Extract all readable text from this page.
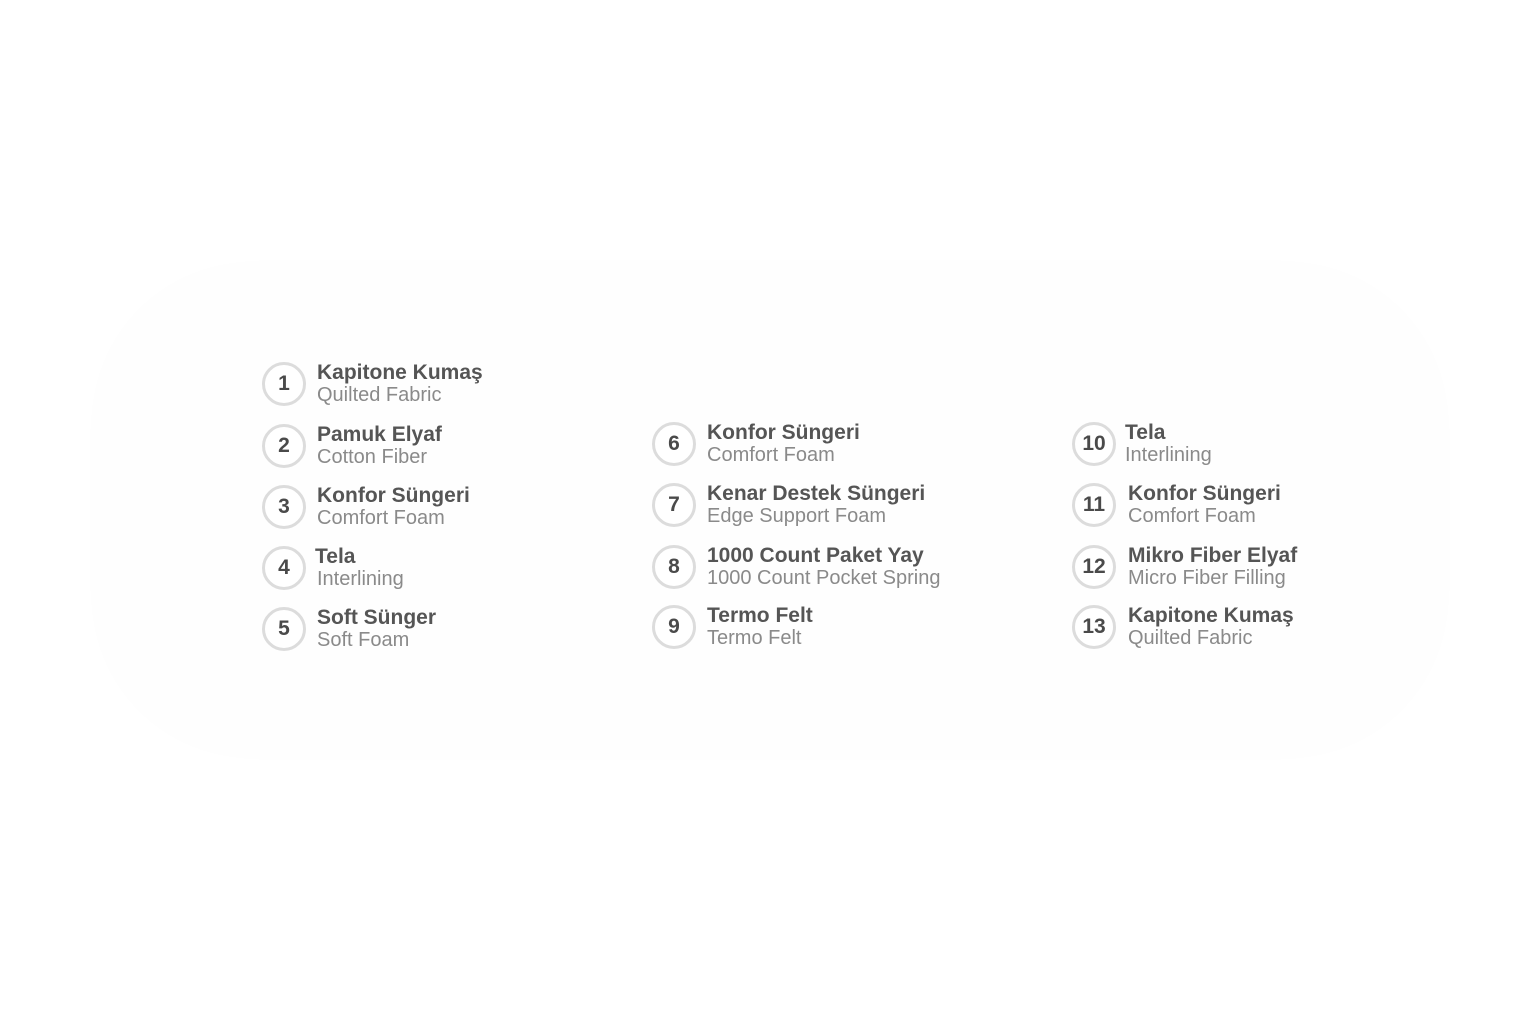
1	Kapitone Kumaş
Quilted Fabric
2	Pamuk Elyaf
Cotton Fiber
3	Konfor Süngeri
Comfort Foam
4	Tela
Interlining
5	Soft Sünger
Soft Foam
6	Konfor Süngeri
Comfort Foam
7	Kenar Destek Süngeri
Edge Support Foam
8	1000 Count Paket Yay
1000 Count Pocket Spring
9	Termo Felt
Termo Felt
10 Tela
Interlining
11	Konfor Süngeri
Comfort Foam
12	Mikro Fiber Elyaf
Micro Fiber Filling
13	Kapitone Kumaş
Quilted Fabric
